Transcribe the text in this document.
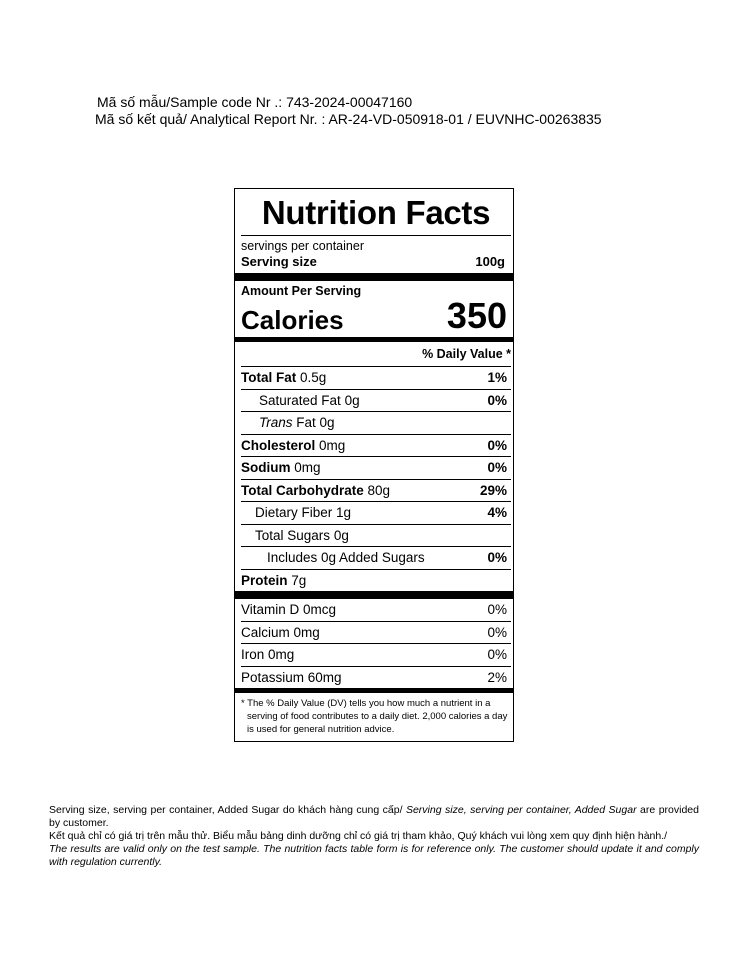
Mã số mẫu/Sample code Nr .: 743-2024-00047160
Mã số kết quả/ Analytical Report Nr. : AR-24-VD-050918-01 / EUVNHC-00263835
Nutrition Facts
servings per container
Serving size	100g
Amount Per Serving
Calories	350
% Daily Value *
Total Fat 0.5g	1%
Saturated Fat 0g	0%
Trans Fat 0g
Cholesterol 0mg	0%
Sodium 0mg	0%
Total Carbohydrate 80g	29%
Dietary Fiber 1g	4%
Total Sugars 0g
Includes 0g Added Sugars	0%
Protein 7g
Vitamin D 0mcg	0%
Calcium 0mg	0%
Iron 0mg	0%
Potassium 60mg	2%
* The % Daily Value (DV) tells you how much a nutrient in a serving of food contributes to a daily diet. 2,000 calories a day is used for general nutrition advice.

Serving size, serving per container, Added Sugar do khách hàng cung cấp/ Serving size, serving per container, Added Sugar are provided by customer.

Kết quả chỉ có giá trị trên mẫu thử. Biểu mẫu bảng dinh dưỡng chỉ có giá trị tham khảo, Quý khách vui lòng xem quy định hiện hành./

The results are valid only on the test sample. The nutrition facts table form is for reference only. The customer should update it and comply with regulation currently.
